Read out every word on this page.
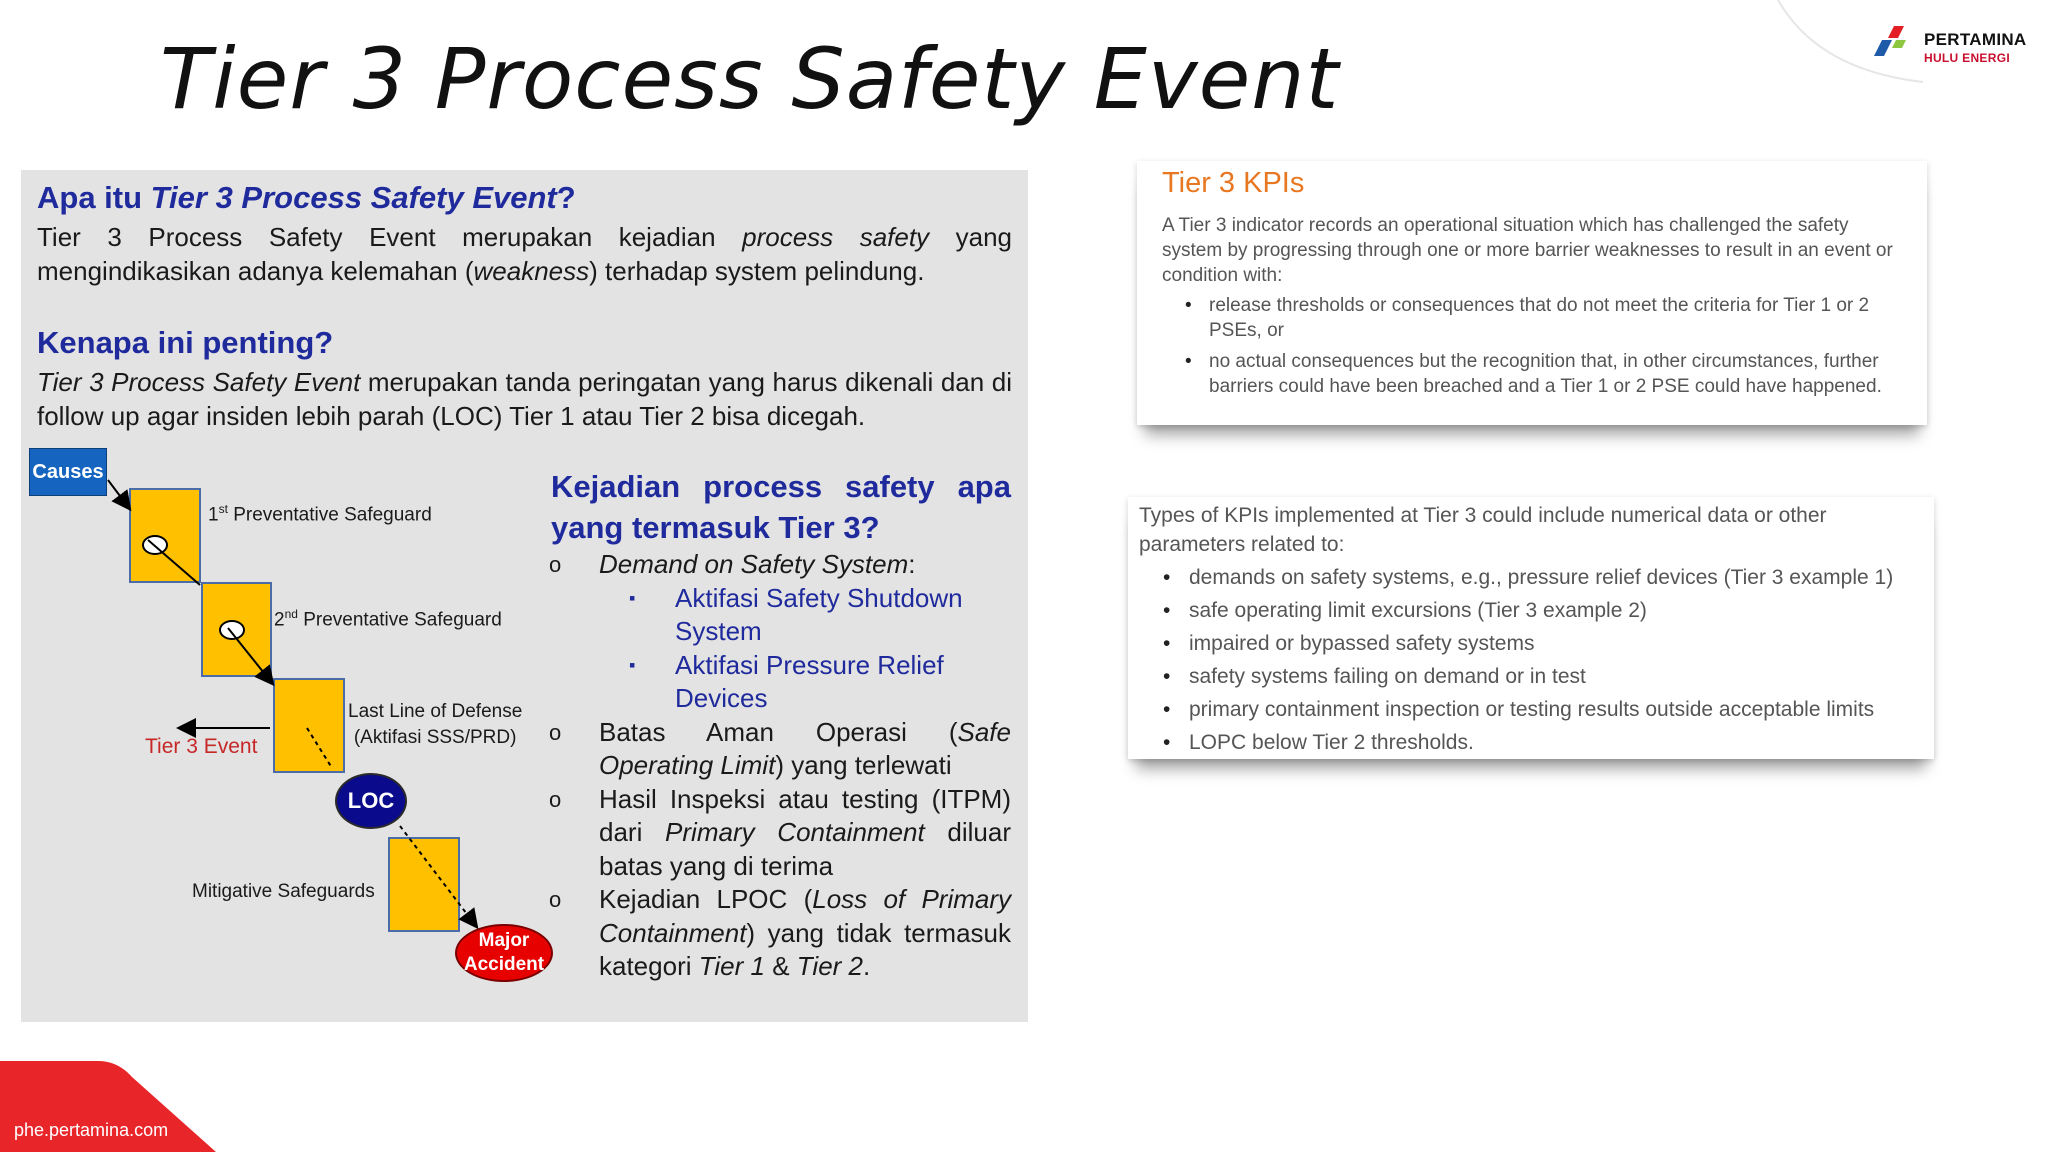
Tier 3 Process Safety Event	PERTAMINA
HULU ENERGI
Apa itu Tier 3 Process Safety Event?
Tier 3 Process Safety Event merupakan kejadian process safety yang mengindikasikan adanya kelemahan (weakness) terhadap system pelindung.
Kenapa ini penting?
Tier 3 Process Safety Event merupakan tanda peringatan yang harus dikenali dan di follow up agar insiden lebih parah (LOC) Tier 1 atau Tier 2 bisa dicegah.
Causes
1st Preventative Safeguard
2nd Preventative Safeguard
Last Line of Defense
(Aktifasi SSS/PRD)
Tier 3 Event
LOC
Mitigative Safeguards
Major
Accident
Kejadian process safety apa
yang termasuk Tier 3?
o Demand on Safety System:
▪ Aktifasi Safety Shutdown System
▪ Aktifasi Pressure Relief Devices
o Batas Aman Operasi (Safe Operating Limit) yang terlewati
o Hasil Inspeksi atau testing (ITPM) dari Primary Containment diluar batas yang di terima
o Kejadian LPOC (Loss of Primary Containment) yang tidak termasuk kategori Tier 1 & Tier 2.
Tier 3 KPIs
A Tier 3 indicator records an operational situation which has challenged the safety system by progressing through one or more barrier weaknesses to result in an event or condition with:
• release thresholds or consequences that do not meet the criteria for Tier 1 or 2 PSEs, or
• no actual consequences but the recognition that, in other circumstances, further barriers could have been breached and a Tier 1 or 2 PSE could have happened.
Types of KPIs implemented at Tier 3 could include numerical data or other parameters related to:
• demands on safety systems, e.g., pressure relief devices (Tier 3 example 1)
• safe operating limit excursions (Tier 3 example 2)
• impaired or bypassed safety systems
• safety systems failing on demand or in test
• primary containment inspection or testing results outside acceptable limits
• LOPC below Tier 2 thresholds.
phe.pertamina.com
